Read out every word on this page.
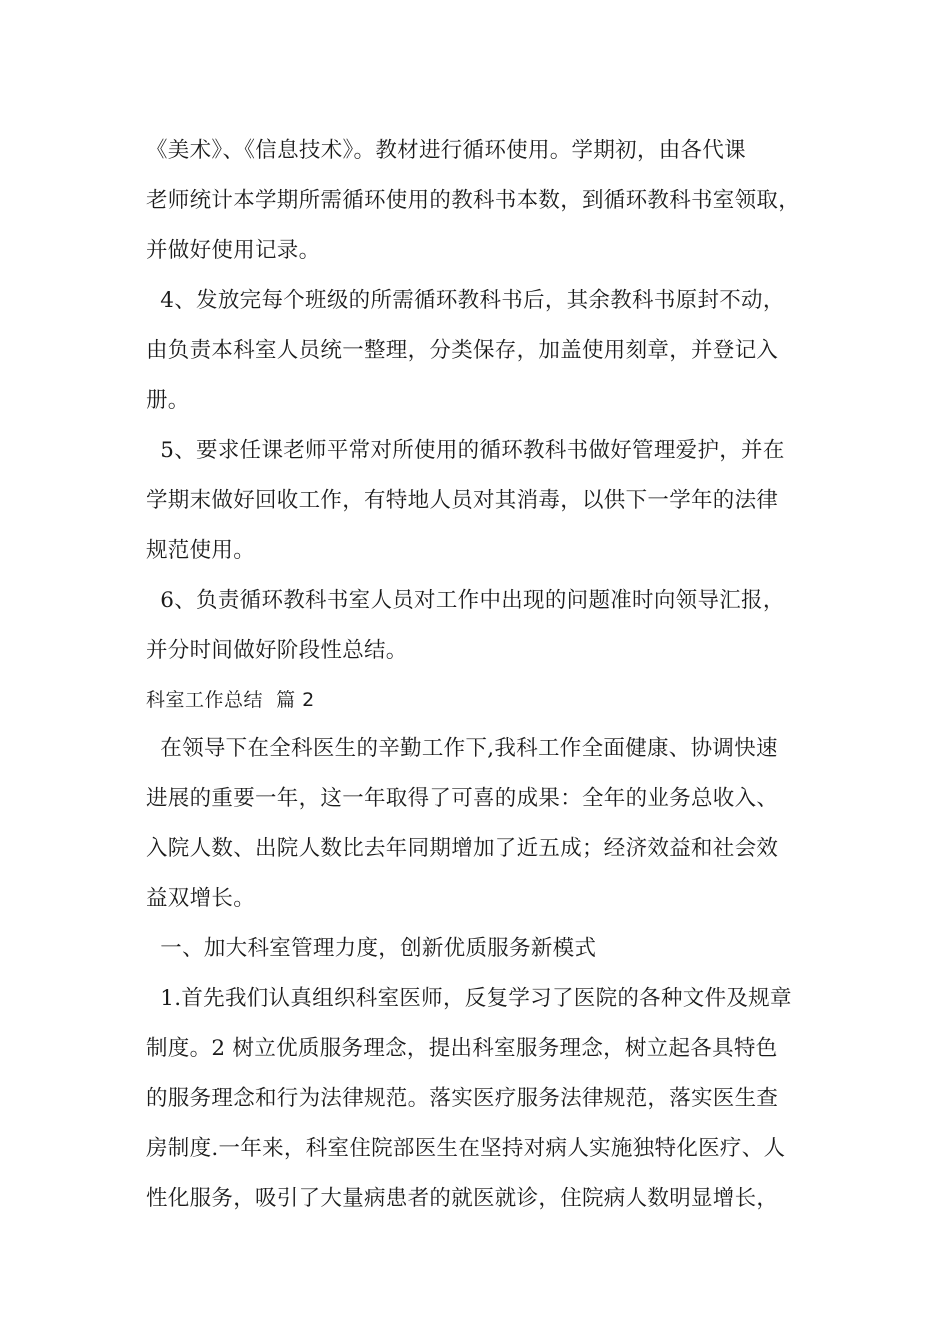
《美术》、《信息技术》。教材进行循环使用。学期初，由各代课
老师统计本学期所需循环使用的教科书本数，到循环教科书室领取，
并做好使用记录。
4、发放完每个班级的所需循环教科书后，其余教科书原封不动，
由负责本科室人员统一整理，分类保存，加盖使用刻章，并登记入
册。
5、要求任课老师平常对所使用的循环教科书做好管理爱护，并在
学期末做好回收工作，有特地人员对其消毒，以供下一学年的法律
规范使用。
6、负责循环教科书室人员对工作中出现的问题准时向领导汇报，
并分时间做好阶段性总结。
科室工作总结  篇 2
在领导下在全科医生的辛勤工作下,我科工作全面健康、协调快速
进展的重要一年，这一年取得了可喜的成果：全年的业务总收入、
入院人数、出院人数比去年同期增加了近五成；经济效益和社会效
益双增长。
一、加大科室管理力度，创新优质服务新模式
1.首先我们认真组织科室医师，反复学习了医院的各种文件及规章
制度。2 树立优质服务理念，提出科室服务理念，树立起各具特色
的服务理念和行为法律规范。落实医疗服务法律规范，落实医生查
房制度.一年来，科室住院部医生在坚持对病人实施独特化医疗、人
性化服务，吸引了大量病患者的就医就诊，住院病人数明显增长，
